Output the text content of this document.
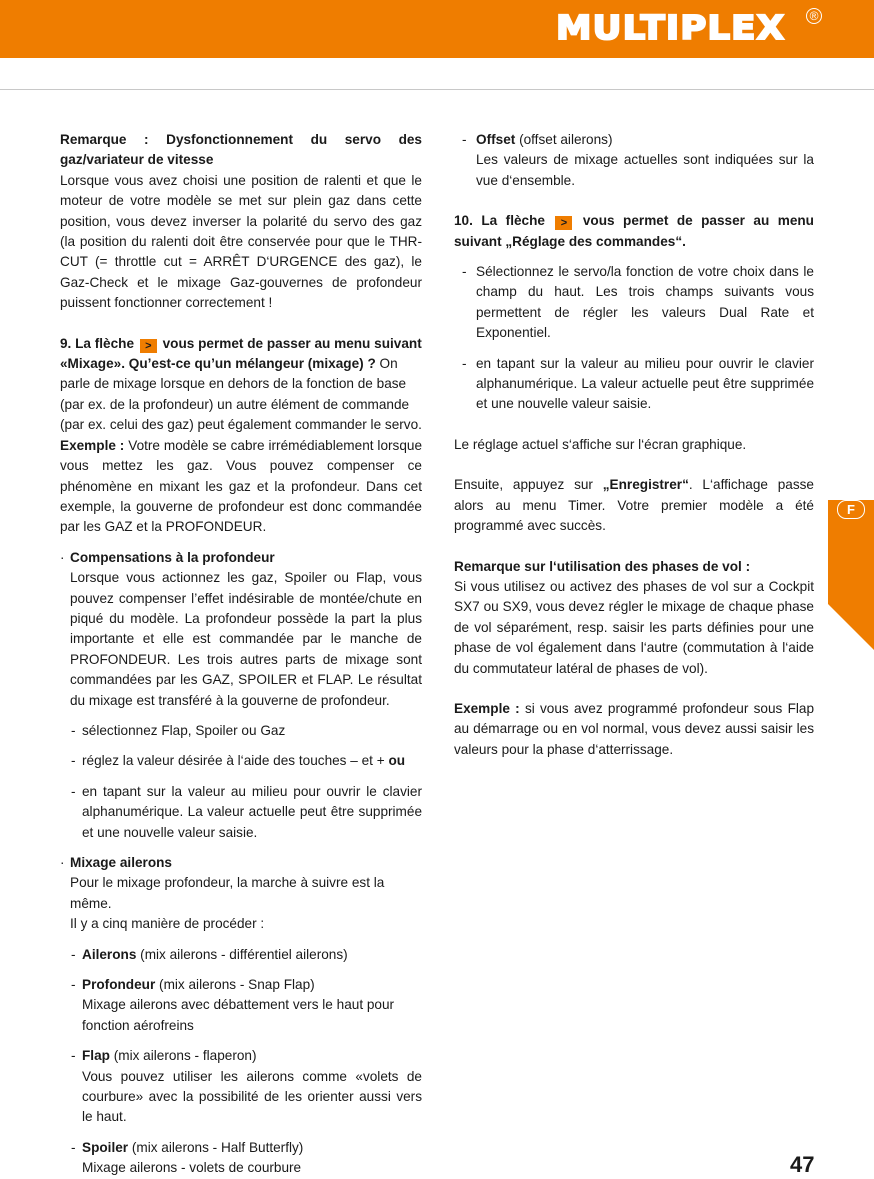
MULTIPLEX ®
F

Remarque : Dysfonctionnement du servo des gaz/variateur de vitesse

Lorsque vous avez choisi une position de ralenti et que le moteur de votre modèle se met sur plein gaz dans cette position, vous devez inverser la polarité du servo des gaz (la position du ralenti doit être conservée pour que le THR-CUT (= throttle cut = ARRÊT D‘URGENCE des gaz), le Gaz-Check et le mixage Gaz-gouvernes de profondeur puissent fonctionner correctement !

9. La flèche > vous permet de passer au menu suivant «Mixage». Qu’est-ce qu’un mélangeur (mixage) ? On parle de mixage lorsque en dehors de la fonction de base (par ex. de la profondeur) un autre élément de commande (par ex. celui des gaz) peut également commander le servo.

Exemple : Votre modèle se cabre irrémédiablement lorsque vous mettez les gaz. Vous pouvez compenser ce phénomène en mixant les gaz et la profondeur. Dans cet exemple, la gouverne de profondeur est donc commandée par les GAZ et la PROFONDEUR.

· Compensations à la profondeur

Lorsque vous actionnez les gaz, Spoiler ou Flap, vous pouvez compenser l’effet indésirable de montée/chute en piqué du modèle. La profondeur possède la part la plus importante et elle est commandée par le manche de PROFONDEUR. Les trois autres parts de mixage sont commandées par les GAZ, SPOILER et FLAP. Le résultat du mixage est transféré à la gouverne de profondeur.

- sélectionnez Flap, Spoiler ou Gaz

- réglez la valeur désirée à l‘aide des touches – et + ou

- en tapant sur la valeur au milieu pour ouvrir le clavier alphanumérique. La valeur actuelle peut être supprimée et une nouvelle valeur saisie.

· Mixage ailerons

Pour le mixage profondeur, la marche à suivre est la même.

Il y a cinq manière de procéder :

- Ailerons (mix ailerons - différentiel ailerons)

- Profondeur (mix ailerons - Snap Flap)

Mixage ailerons avec débattement vers le haut pour fonction aérofreins

- Flap (mix ailerons - flaperon)

Vous pouvez utiliser les ailerons comme «volets de courbure» avec la possibilité de les orienter aussi vers le haut.

- Spoiler (mix ailerons - Half Butterfly)

Mixage ailerons - volets de courbure

- Offset (offset ailerons)

Les valeurs de mixage actuelles sont indiquées sur la vue d‘ensemble.

10. La flèche > vous permet de passer au menu suivant „Réglage des commandes“.

- Sélectionnez le servo/la fonction de votre choix dans le champ du haut. Les trois champs suivants vous permettent de régler les valeurs Dual Rate et Exponentiel.

- en tapant sur la valeur au milieu pour ouvrir le clavier alphanumérique. La valeur actuelle peut être supprimée et une nouvelle valeur saisie.

Le réglage actuel s‘affiche sur l‘écran graphique.

Ensuite, appuyez sur „Enregistrer“. L‘affichage passe alors au menu Timer. Votre premier modèle a été programmé avec succès.

Remarque sur l‘utilisation des phases de vol :

Si vous utilisez ou activez des phases de vol sur a Cockpit SX7 ou SX9, vous devez régler le mixage de chaque phase de vol séparément, resp. saisir les parts définies pour une phase de vol également dans l‘autre (commutation à l‘aide du commutateur latéral de phases de vol).

Exemple : si vous avez programmé profondeur sous Flap au démarrage ou en vol normal, vous devez aussi saisir les valeurs pour la phase d‘atterrissage.

47
